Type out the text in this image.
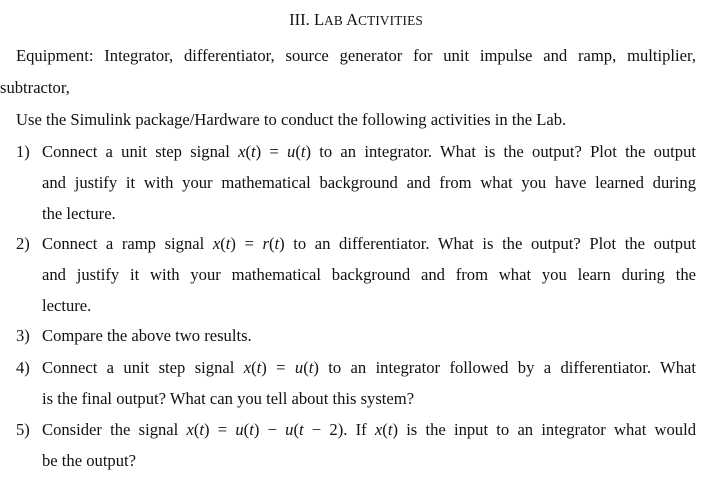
III. LAB ACTIVITIES
Equipment: Integrator, differentiator, source generator for unit impulse and ramp, multiplier,
subtractor,
Use the Simulink package/Hardware to conduct the following activities in the Lab.
1) Connect a unit step signal x(t) = u(t) to an integrator. What is the output? Plot the output
and justify it with your mathematical background and from what you have learned during
the lecture.
2) Connect a ramp signal x(t) = r(t) to an differentiator. What is the output? Plot the output
and justify it with your mathematical background and from what you learn during the
lecture.
3) Compare the above two results.
4) Connect a unit step signal x(t) = u(t) to an integrator followed by a differentiator. What
is the final output? What can you tell about this system?
5) Consider the signal x(t) = u(t) − u(t − 2). If x(t) is the input to an integrator what would
be the output?
